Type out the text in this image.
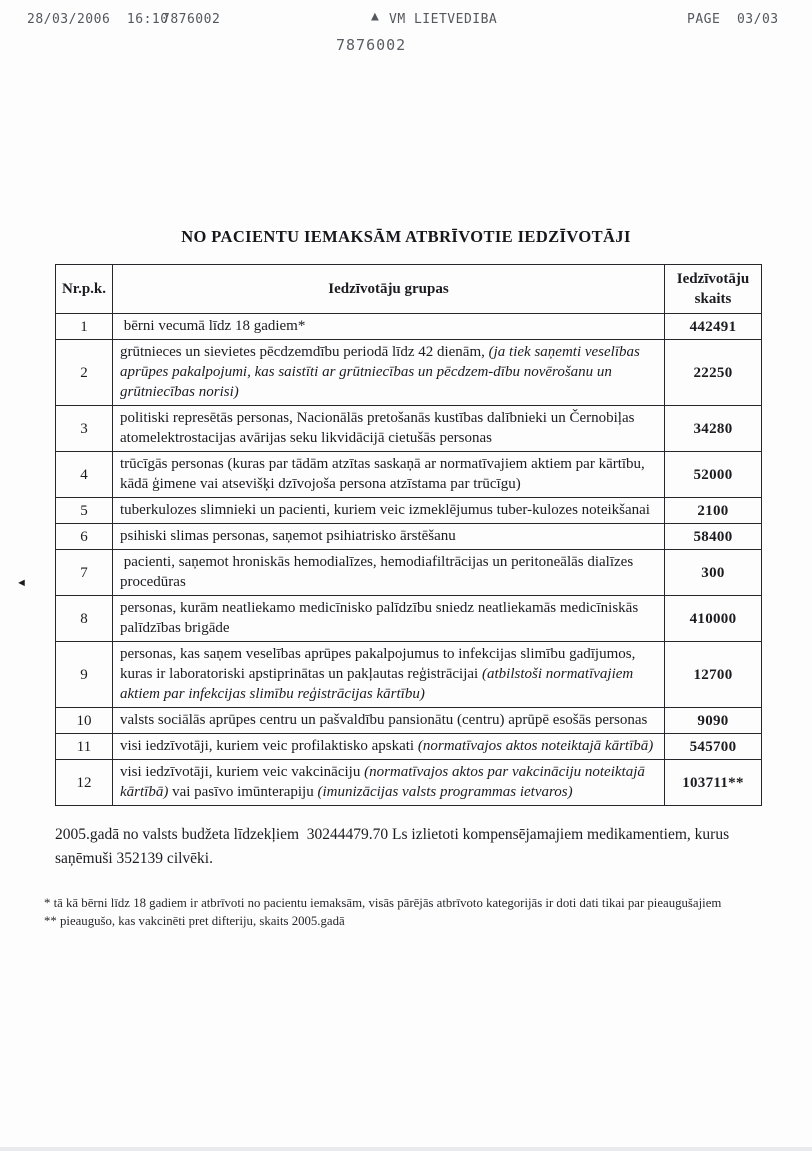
28/03/2006  16:10
7876002	▲ VM LIETVEDIBA	PAGE  03/03
7876002
NO PACIENTU IEMAKSĀM ATBRĪVOTIE IEDZĪVOTĀJI
Nr.p.k.	Iedzīvotāju grupas	Iedzīvotāju skaits
1	bērni vecumā līdz 18 gadiem*	442491
2	grūtnieces un sievietes pēcdzemdību periodā līdz 42 dienām, (ja tiek saņemti veselības aprūpes pakalpojumi, kas saistīti ar grūtniecības un pēcdzem-dību novērošanu un grūtniecības norisi)	22250
3	politiski represētās personas, Nacionālās pretošanās kustības dalībnieki un Černobiļas atomelektrostacijas avārijas seku likvidācijā cietušās personas	34280
4	trūcīgās personas (kuras par tādām atzītas saskaņā ar normatīvajiem aktiem par kārtību, kādā ģimene vai atsevišķi dzīvojoša persona atzīstama par trūcīgu)	52000
5	tuberkulozes slimnieki un pacienti, kuriem veic izmeklējumus tuber-kulozes noteikšanai	2100
6	psihiski slimas personas, saņemot psihiatrisko ārstēšanu	58400
7	pacienti, saņemot hroniskās hemodialīzes, hemodiafiltrācijas un peritoneālās dialīzes procedūras	300
8	personas, kurām neatliekamo medicīnisko palīdzību sniedz neatliekamās medicīniskās palīdzības brigāde	410000
9	personas, kas saņem veselības aprūpes pakalpojumus to infekcijas slimību gadījumos, kuras ir laboratoriski apstiprinātas un pakļautas reģistrācijai (atbilstoši normatīvajiem aktiem par infekcijas slimību reģistrācijas kārtību)	12700
10	valsts sociālās aprūpes centru un pašvaldību pansionātu (centru) aprūpē esošās personas	9090
11	visi iedzīvotāji, kuriem veic profilaktisko apskati (normatīvajos aktos noteiktajā kārtībā)	545700
12	visi iedzīvotāji, kuriem veic vakcināciju (normatīvajos aktos par vakcināciju noteiktajā kārtībā) vai pasīvo imūnterapiju (imunizācijas valsts programmas ietvaros)	103711**

2005.gadā no valsts budžeta līdzekļiem  30244479.70 Ls izlietoti kompensējamajiem medikamentiem, kurus saņēmuši 352139 cilvēki.

* tā kā bērni līdz 18 gadiem ir atbrīvoti no pacientu iemaksām, visās pārējās atbrīvoto kategorijās ir doti dati tikai par pieaugušajiem
** pieaugušo, kas vakcinēti pret difteriju, skaits 2005.gadā
◄
